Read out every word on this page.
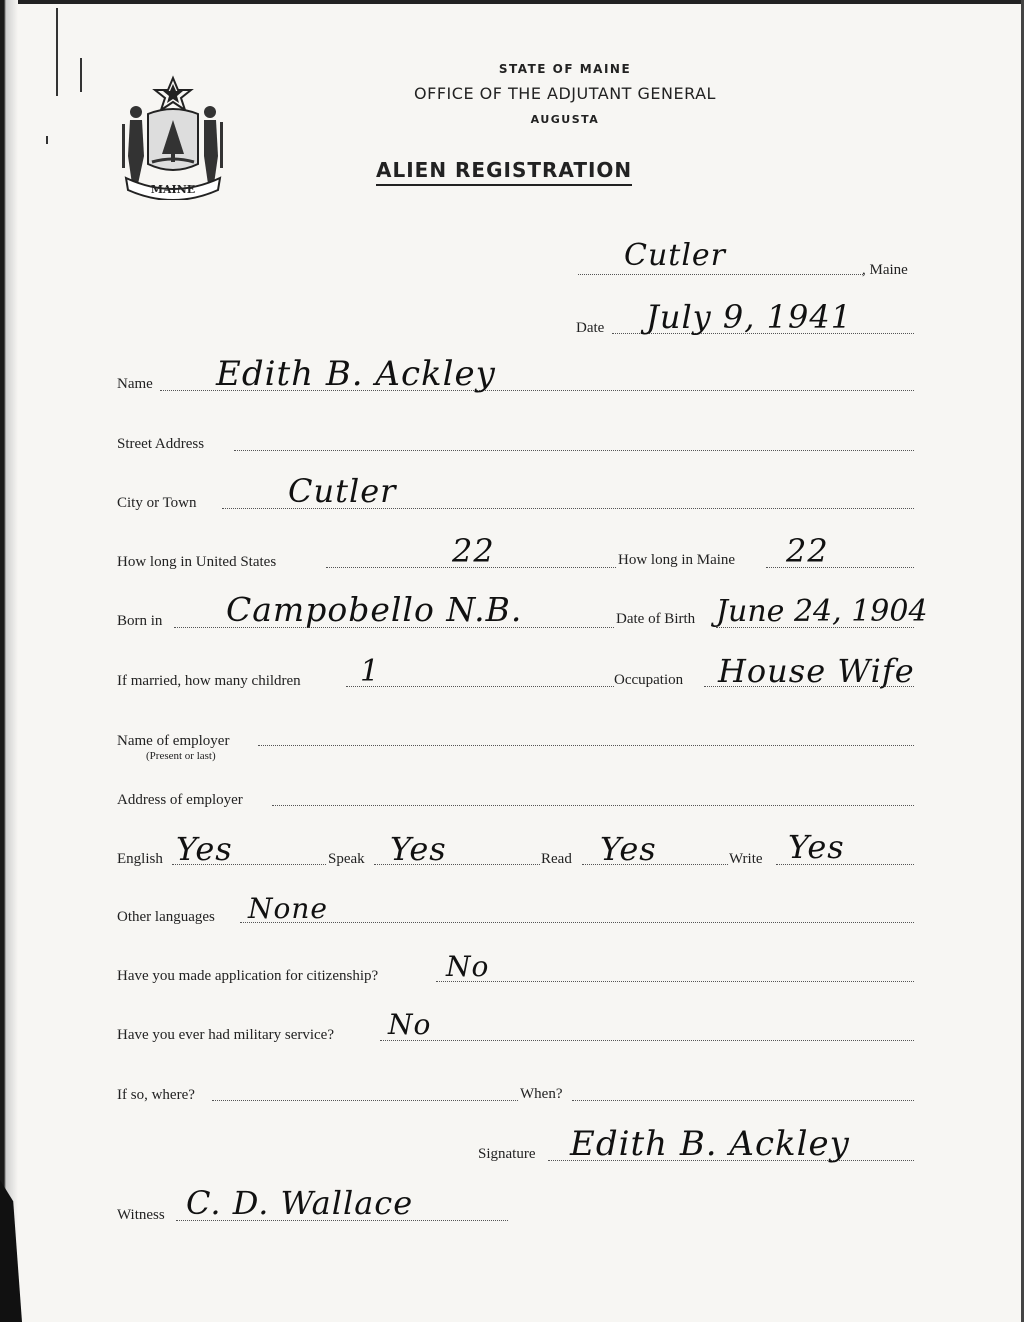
MAINE
STATE OF MAINE
OFFICE OF THE ADJUTANT GENERAL
AUGUSTA
ALIEN REGISTRATION
Cutler	, Maine
Date July 9, 1941
Name Edith B. Ackley
Street Address
City or Town	Cutler
How long in United States	22	How long in Maine 22
Born in Campobello N.B.	Date of Birth June 24, 1904
If married, how many children 1	Occupation House Wife
Name of employer
(Present or last)
Address of employer
English Yes	Speak Yes	Read Yes	Write Yes
Other languages None
Have you made application for citizenship? No
Have you ever had military service? No
If so, where?	When?
Signature Edith B. Ackley
Witness C. D. Wallace
